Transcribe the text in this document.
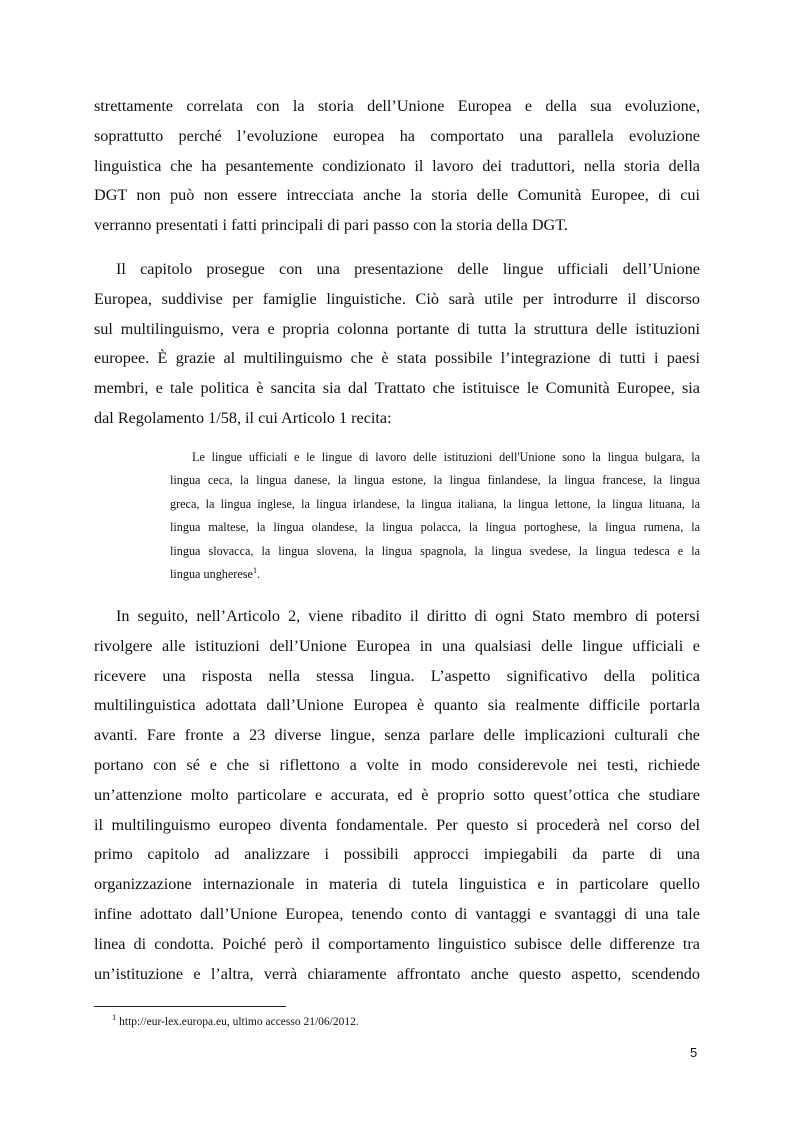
strettamente correlata con la storia dell’Unione Europea e della sua evoluzione,
soprattutto perché l’evoluzione europea ha comportato una parallela evoluzione
linguistica che ha pesantemente condizionato il lavoro dei traduttori, nella storia della
DGT non può non essere intrecciata anche la storia delle Comunità Europee, di cui
verranno presentati i fatti principali di pari passo con la storia della DGT.
Il capitolo prosegue con una presentazione delle lingue ufficiali dell’Unione
Europea, suddivise per famiglie linguistiche. Ciò sarà utile per introdurre il discorso
sul multilinguismo, vera e propria colonna portante di tutta la struttura delle istituzioni
europee. È grazie al multilinguismo che è stata possibile l’integrazione di tutti i paesi
membri, e tale politica è sancita sia dal Trattato che istituisce le Comunità Europee, sia
dal Regolamento 1/58, il cui Articolo 1 recita:
Le lingue ufficiali e le lingue di lavoro delle istituzioni dell'Unione sono la lingua bulgara, la
lingua ceca, la lingua danese, la lingua estone, la lingua finlandese, la lingua francese, la lingua
greca, la lingua inglese, la lingua irlandese, la lingua italiana, la lingua lettone, la lingua lituana, la
lingua maltese, la lingua olandese, la lingua polacca, la lingua portoghese, la lingua rumena, la
lingua slovacca, la lingua slovena, la lingua spagnola, la lingua svedese, la lingua tedesca e la
lingua ungherese$^1$.
In seguito, nell’Articolo 2, viene ribadito il diritto di ogni Stato membro di potersi
rivolgere alle istituzioni dell’Unione Europea in una qualsiasi delle lingue ufficiali e
ricevere una risposta nella stessa lingua. L’aspetto significativo della politica
multilinguistica adottata dall’Unione Europea è quanto sia realmente difficile portarla
avanti. Fare fronte a 23 diverse lingue, senza parlare delle implicazioni culturali che
portano con sé e che si riflettono a volte in modo considerevole nei testi, richiede
un’attenzione molto particolare e accurata, ed è proprio sotto quest’ottica che studiare
il multilinguismo europeo diventa fondamentale. Per questo si procederà nel corso del
primo capitolo ad analizzare i possibili approcci impiegabili da parte di una
organizzazione internazionale in materia di tutela linguistica e in particolare quello
infine adottato dall’Unione Europea, tenendo conto di vantaggi e svantaggi di una tale
linea di condotta. Poiché però il comportamento linguistico subisce delle differenze tra
un’istituzione e l’altra, verrà chiaramente affrontato anche questo aspetto, scendendo
$^1$ http://eur-lex.europa.eu, ultimo accesso 21/06/2012.
5
